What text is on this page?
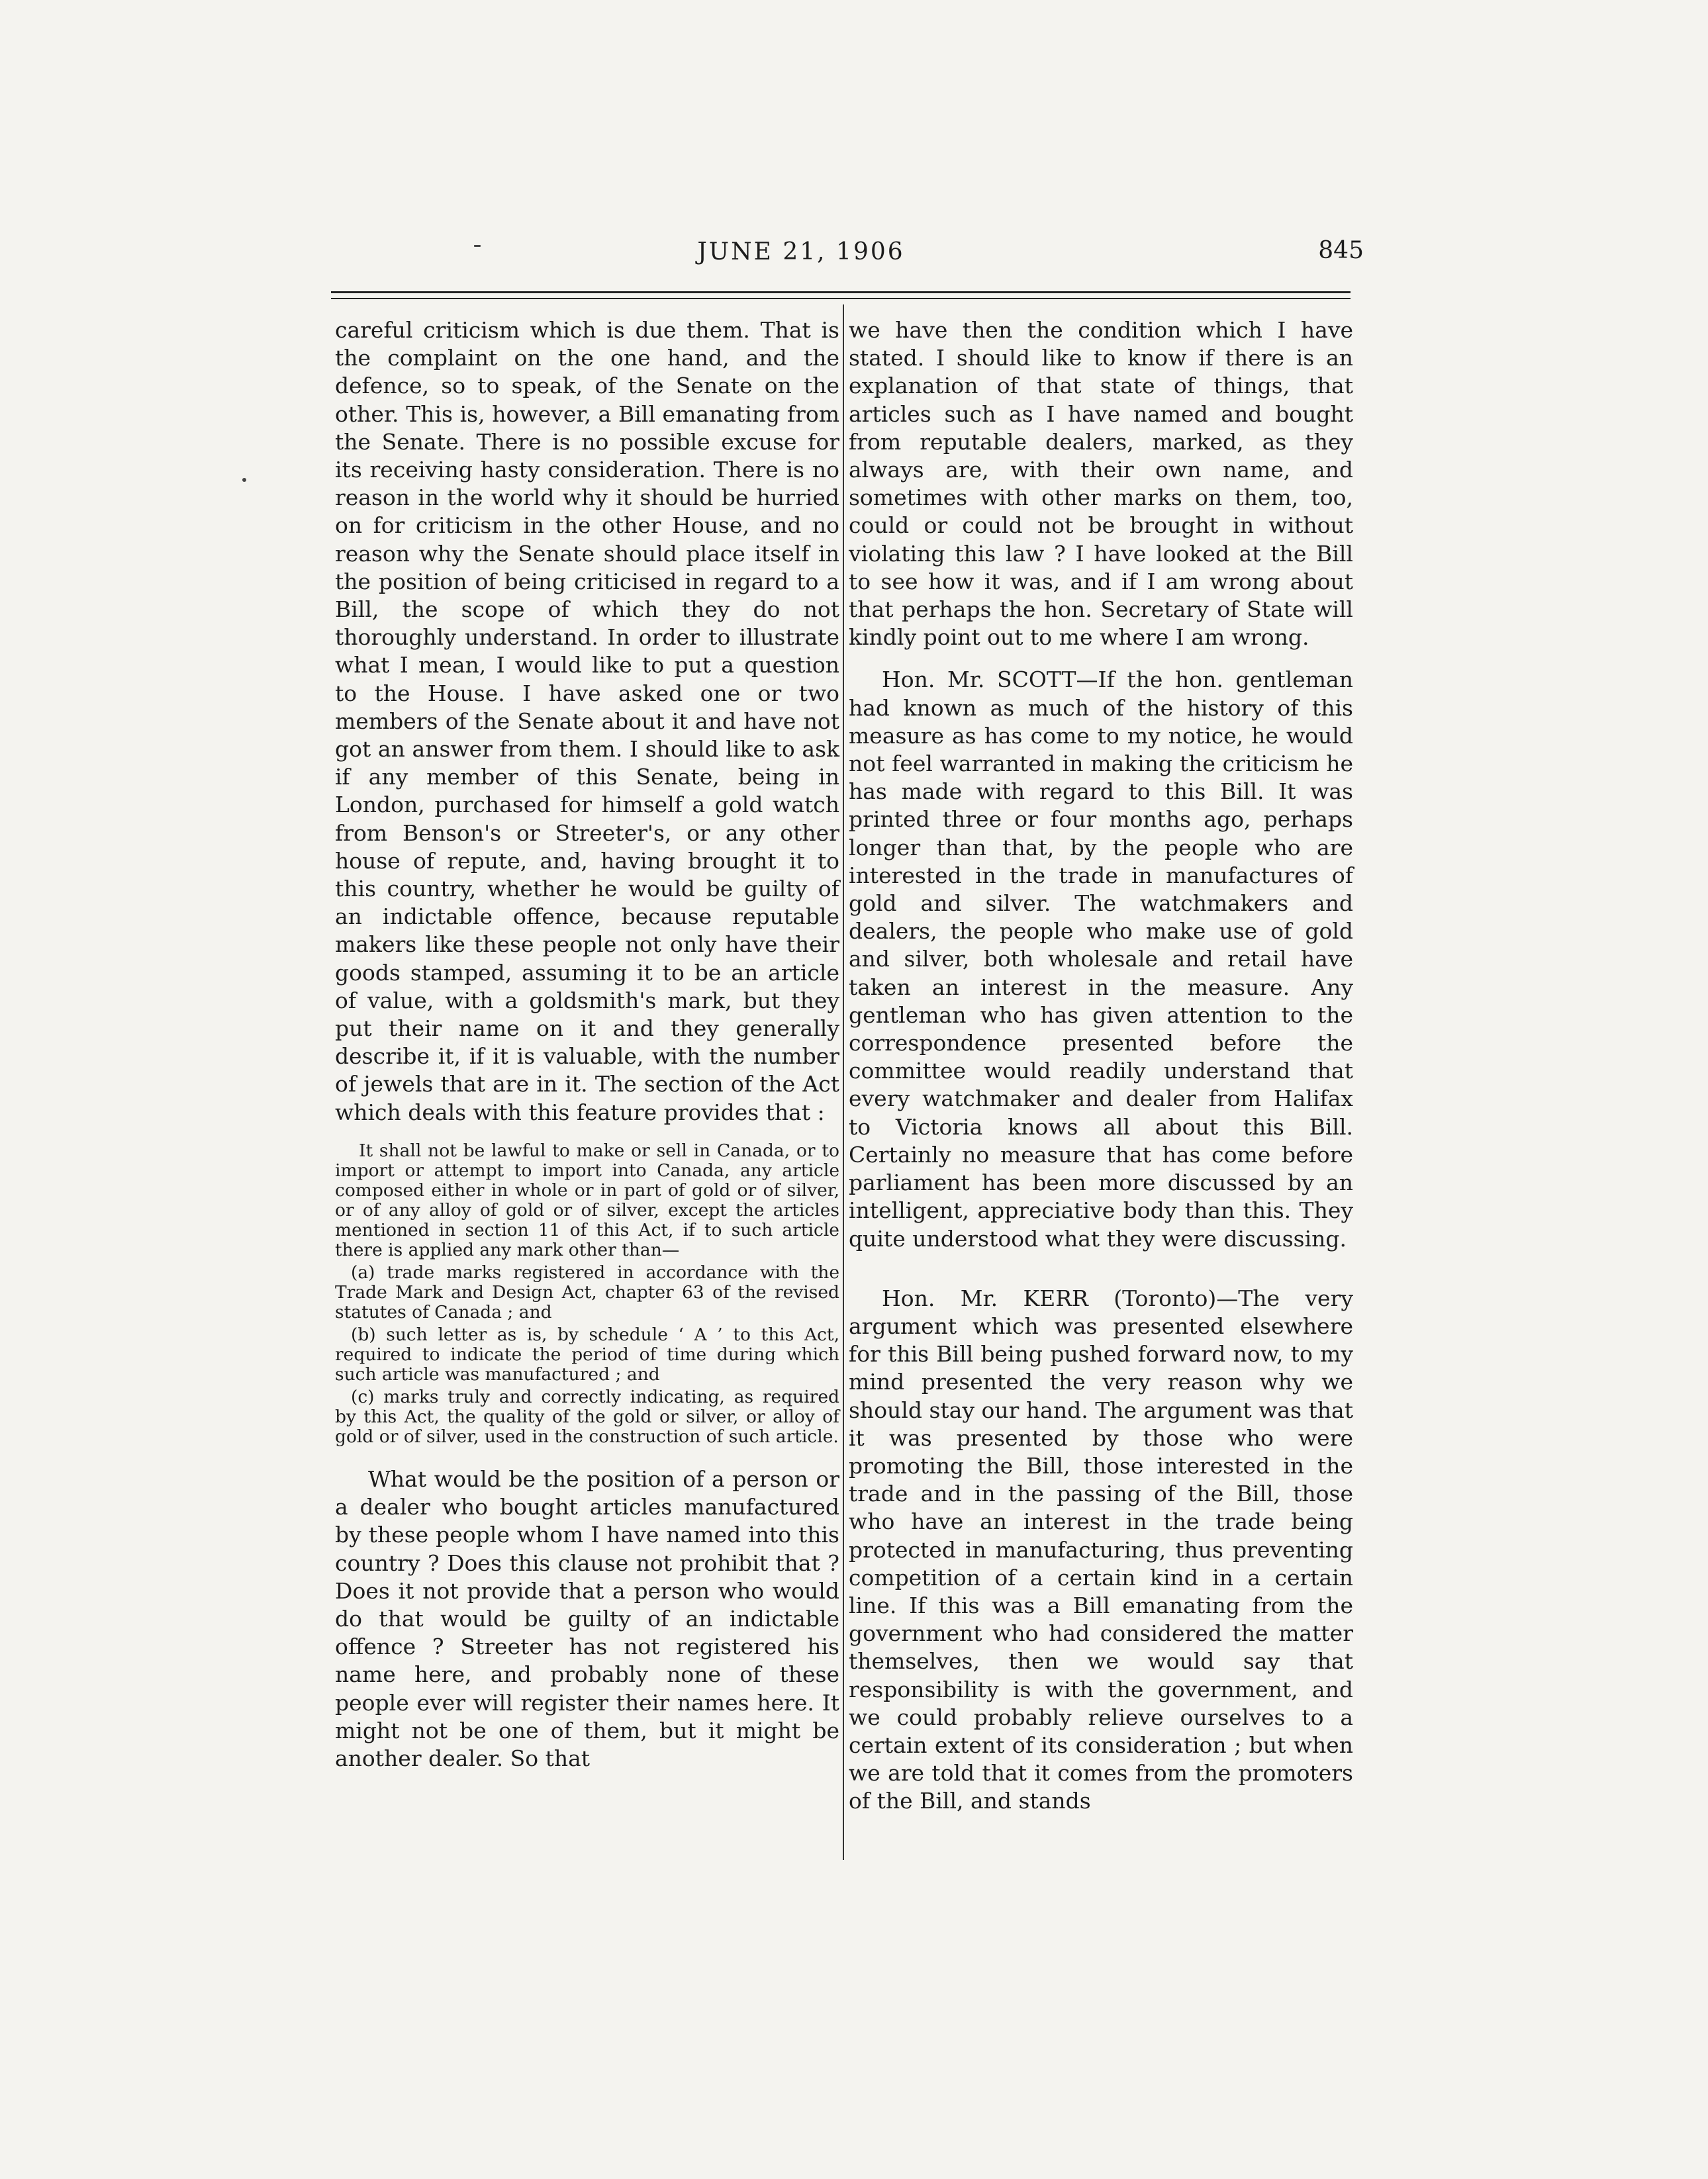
JUNE 21, 1906	845

careful criticism which is due them. That is the complaint on the one hand, and the defence, so to speak, of the Senate on the other. This is, however, a Bill emanating from the Senate. There is no possible excuse for its receiving hasty consideration. There is no reason in the world why it should be hurried on for criticism in the other House, and no reason why the Senate should place itself in the position of being criticised in regard to a Bill, the scope of which they do not thoroughly understand. In order to illustrate what I mean, I would like to put a question to the House. I have asked one or two members of the Senate about it and have not got an answer from them. I should like to ask if any member of this Senate, being in London, purchased for himself a gold watch from Benson's or Streeter's, or any other house of repute, and, having brought it to this country, whether he would be guilty of an indictable offence, because reputable makers like these people not only have their goods stamped, assuming it to be an article of value, with a goldsmith's mark, but they put their name on it and they generally describe it, if it is valuable, with the number of jewels that are in it. The section of the Act which deals with this feature provides that :

It shall not be lawful to make or sell in Canada, or to import or attempt to import into Canada, any article composed either in whole or in part of gold or of silver, or of any alloy of gold or of silver, except the articles mentioned in section 11 of this Act, if to such article there is applied any mark other than—

(a) trade marks registered in accordance with the Trade Mark and Design Act, chapter 63 of the revised statutes of Canada ; and

(b) such letter as is, by schedule ‘ A ’ to this Act, required to indicate the period of time during which such article was manufactured ; and

(c) marks truly and correctly indicating, as required by this Act, the quality of the gold or silver, or alloy of gold or of silver, used in the construction of such article.

What would be the position of a person or a dealer who bought articles manufactured by these people whom I have named into this country ? Does this clause not prohibit that ? Does it not provide that a person who would do that would be guilty of an indictable offence ? Streeter has not registered his name here, and probably none of these people ever will register their names here. It might not be one of them, but it might be another dealer. So that

we have then the condition which I have stated. I should like to know if there is an explanation of that state of things, that articles such as I have named and bought from reputable dealers, marked, as they always are, with their own name, and sometimes with other marks on them, too, could or could not be brought in without violating this law ? I have looked at the Bill to see how it was, and if I am wrong about that perhaps the hon. Secretary of State will kindly point out to me where I am wrong.

Hon. Mr. SCOTT—If the hon. gentleman had known as much of the history of this measure as has come to my notice, he would not feel warranted in making the criticism he has made with regard to this Bill. It was printed three or four months ago, perhaps longer than that, by the people who are interested in the trade in manufactures of gold and silver. The watchmakers and dealers, the people who make use of gold and silver, both wholesale and retail have taken an interest in the measure. Any gentleman who has given attention to the correspondence presented before the committee would readily understand that every watchmaker and dealer from Halifax to Victoria knows all about this Bill. Certainly no measure that has come before parliament has been more discussed by an intelligent, appreciative body than this. They quite understood what they were discussing.

Hon. Mr. KERR (Toronto)—The very argument which was presented elsewhere for this Bill being pushed forward now, to my mind presented the very reason why we should stay our hand. The argument was that it was presented by those who were promoting the Bill, those interested in the trade and in the passing of the Bill, those who have an interest in the trade being protected in manufacturing, thus preventing competition of a certain kind in a certain line. If this was a Bill emanating from the government who had considered the matter themselves, then we would say that responsibility is with the government, and we could probably relieve ourselves to a certain extent of its consideration ; but when we are told that it comes from the promoters of the Bill, and stands
